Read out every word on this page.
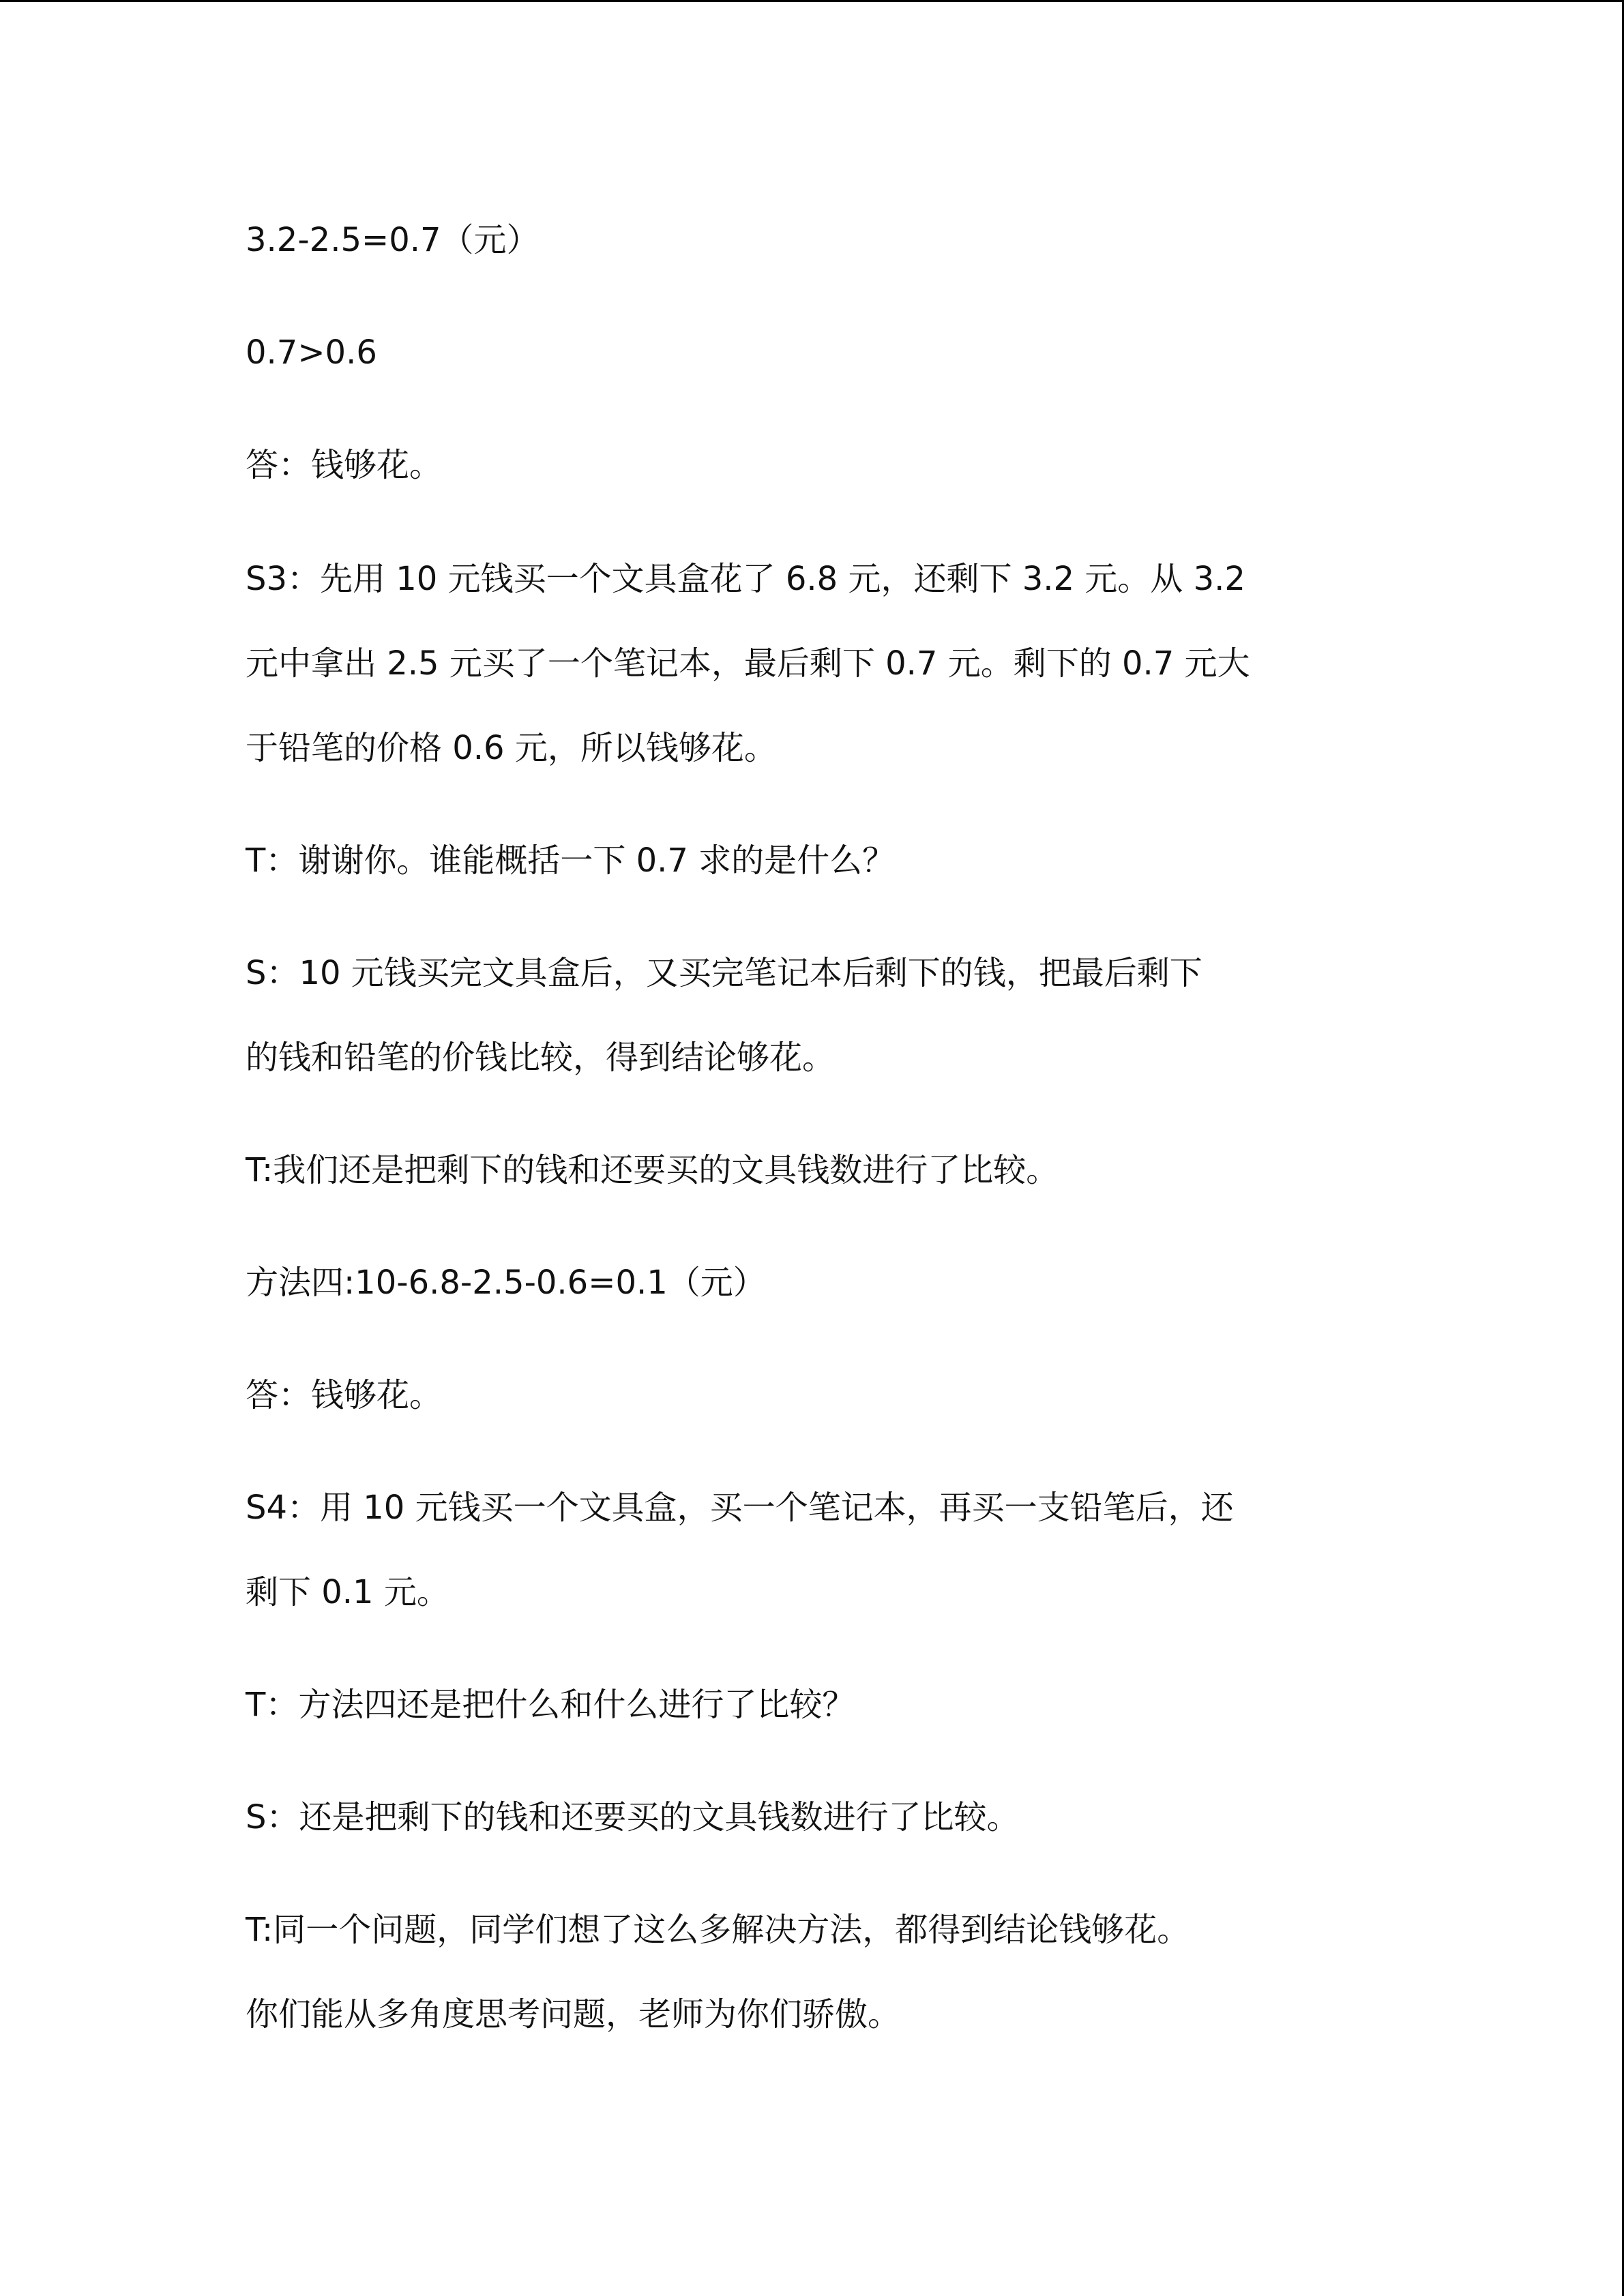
3.2-2.5=0.7（元）
0.7>0.6
答：钱够花。
S3：先用 10 元钱买一个文具盒花了 6.8 元，还剩下 3.2 元。从 3.2
元中拿出 2.5 元买了一个笔记本，最后剩下 0.7 元。剩下的 0.7 元大
于铅笔的价格 0.6 元，所以钱够花。
T：谢谢你。谁能概括一下 0.7 求的是什么？
S：10 元钱买完文具盒后，又买完笔记本后剩下的钱，把最后剩下
的钱和铅笔的价钱比较，得到结论够花。
T:我们还是把剩下的钱和还要买的文具钱数进行了比较。
方法四:10-6.8-2.5-0.6=0.1（元）
答：钱够花。
S4：用 10 元钱买一个文具盒，买一个笔记本，再买一支铅笔后，还
剩下 0.1 元。
T：方法四还是把什么和什么进行了比较？
S：还是把剩下的钱和还要买的文具钱数进行了比较。
T:同一个问题，同学们想了这么多解决方法，都得到结论钱够花。
你们能从多角度思考问题，老师为你们骄傲。
